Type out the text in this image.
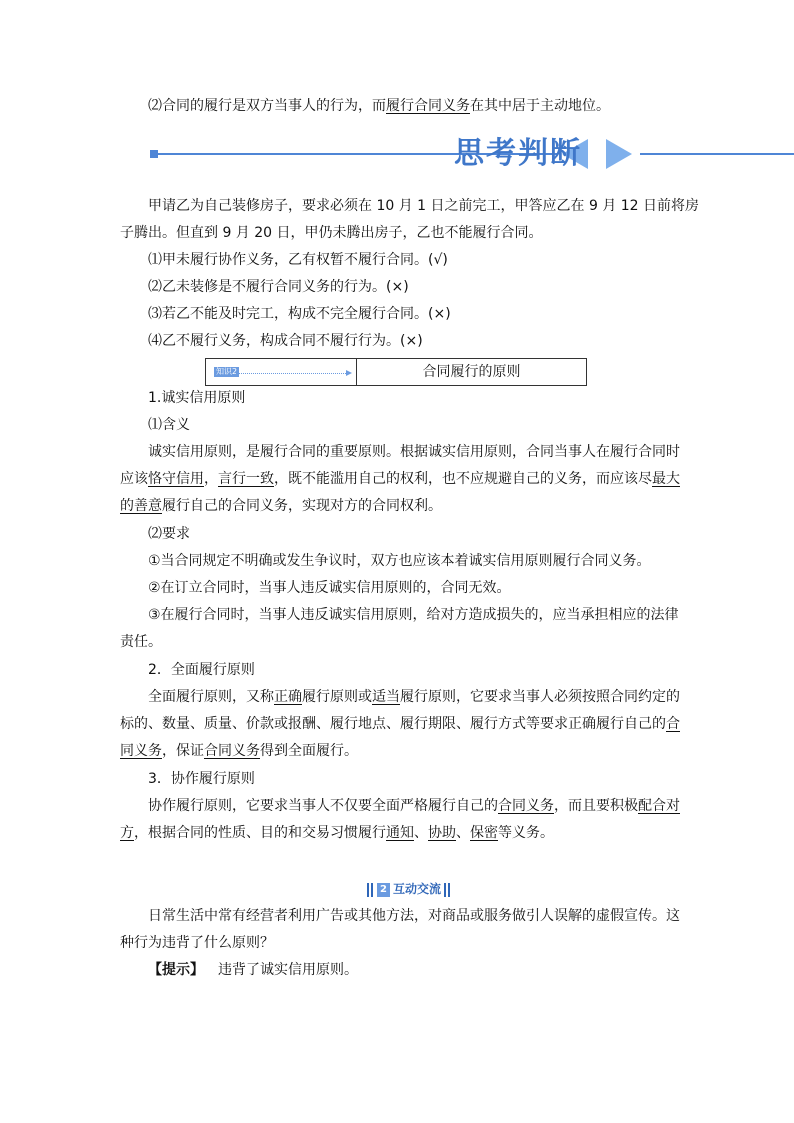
⑵合同的履行是双方当事人的行为，而履行合同义务在其中居于主动地位。
思考判断
甲请乙为自己装修房子，要求必须在 10 月 1 日之前完工，甲答应乙在 9 月 12 日前将房
子腾出。但直到 9 月 20 日，甲仍未腾出房子，乙也不能履行合同。
⑴甲未履行协作义务，乙有权暂不履行合同。(√)
⑵乙未装修是不履行合同义务的行为。(×)
⑶若乙不能及时完工，构成不完全履行合同。(×)
⑷乙不履行义务，构成合同不履行行为。(×)
知识2	合同履行的原则
1.诚实信用原则
⑴含义
诚实信用原则，是履行合同的重要原则。根据诚实信用原则，合同当事人在履行合同时
应该恪守信用，言行一致，既不能滥用自己的权利，也不应规避自己的义务，而应该尽最大
的善意履行自己的合同义务，实现对方的合同权利。
⑵要求
①当合同规定不明确或发生争议时，双方也应该本着诚实信用原则履行合同义务。
②在订立合同时，当事人违反诚实信用原则的，合同无效。
③在履行合同时，当事人违反诚实信用原则，给对方造成损失的，应当承担相应的法律
责任。
2．全面履行原则
全面履行原则，又称正确履行原则或适当履行原则，它要求当事人必须按照合同约定的
标的、数量、质量、价款或报酬、履行地点、履行期限、履行方式等要求正确履行自己的合
同义务，保证合同义务得到全面履行。
3．协作履行原则
协作履行原则，它要求当事人不仅要全面严格履行自己的合同义务，而且要积极配合对
方，根据合同的性质、目的和交易习惯履行通知、协助、保密等义务。
2 互动交流
日常生活中常有经营者利用广告或其他方法，对商品或服务做引人误解的虚假宣传。这
种行为违背了什么原则？
【提示】 违背了诚实信用原则。
